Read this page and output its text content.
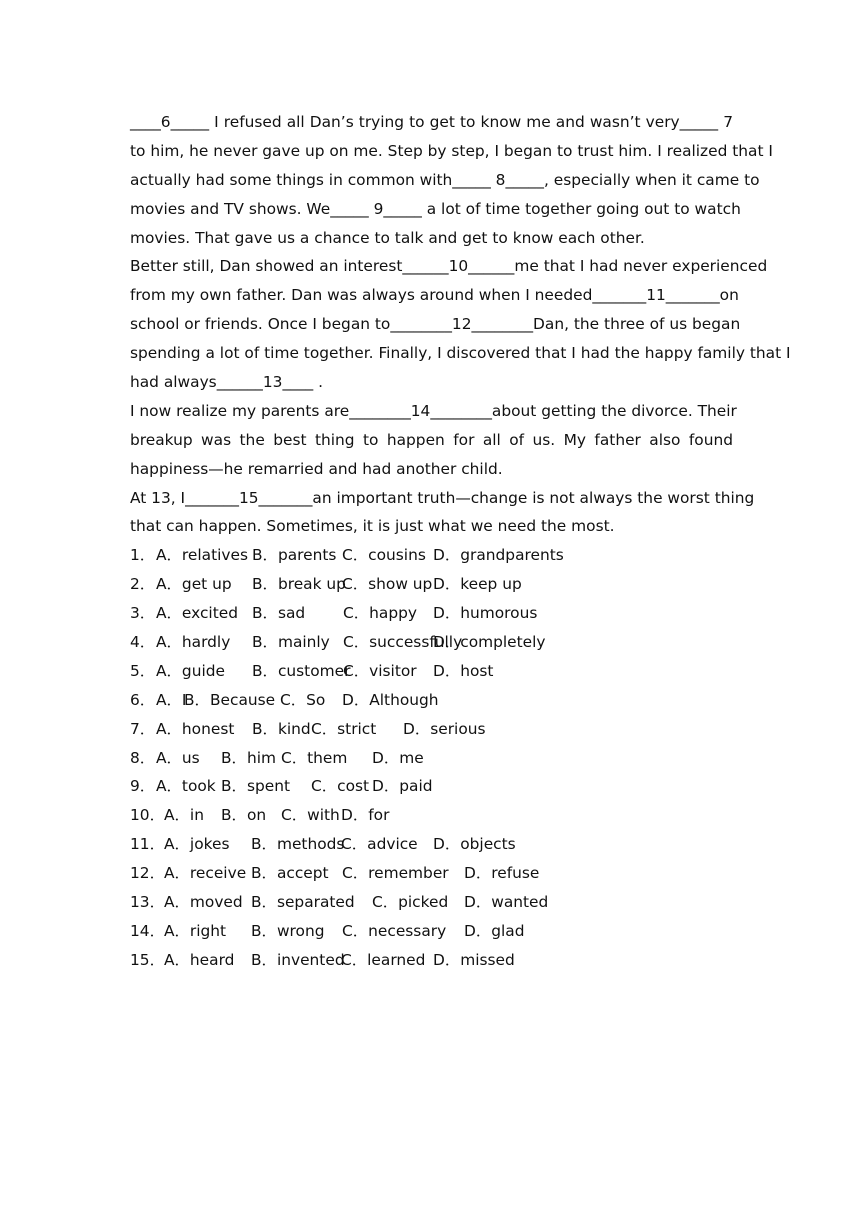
____6_____ I refused all Dan’s trying to get to know me and wasn’t very_____ 7
to him, he never gave up on me. Step by step, I began to trust him. I realized that I
actually had some things in common with_____ 8_____, especially when it came to
movies and TV shows. We_____ 9_____ a lot of time together going out to watch
movies. That gave us a chance to talk and get to know each other.
Better still, Dan showed an interest______10______me that I had never experienced
from my own father. Dan was always around when I needed_______11_______on
school or friends. Once I began to________12________Dan, the three of us began
spending a lot of time together. Finally, I discovered that I had the happy family that I
had always______13____ .
I now realize my parents are________14________about getting the divorce. Their
breakup was the best thing to happen for all of us. My father also found
happiness—he remarried and had another child.
At 13, I_______15_______an important truth—change is not always the worst thing
that can happen. Sometimes, it is just what we need the most.
1． A．relatives B．parents C．cousins D．grandparents
2． A．get up B．break up
C．show up D．keep up
3． A．excited B．sad C．happy D．humorous
4． A．hardly B．mainly C．successfully
D．completely
5． A．guide B．customer
C．visitor D．host
6． A．I
B．Because C．So D．Although
7． A．honest B．kind C．strict D．serious
8． A．us B．him C．them D．me
9． A．took B．spent C．cost D．paid
10． A．in B．on C．with D．for
11． A．jokes B．methods
C．advice D．objects
12． A．receive B．accept C．remember D．refuse
13． A．moved B．separated C．picked D．wanted
14． A．right B．wrong C．necessary D．glad
15． A．heard B．invented
C．learned D．missed
